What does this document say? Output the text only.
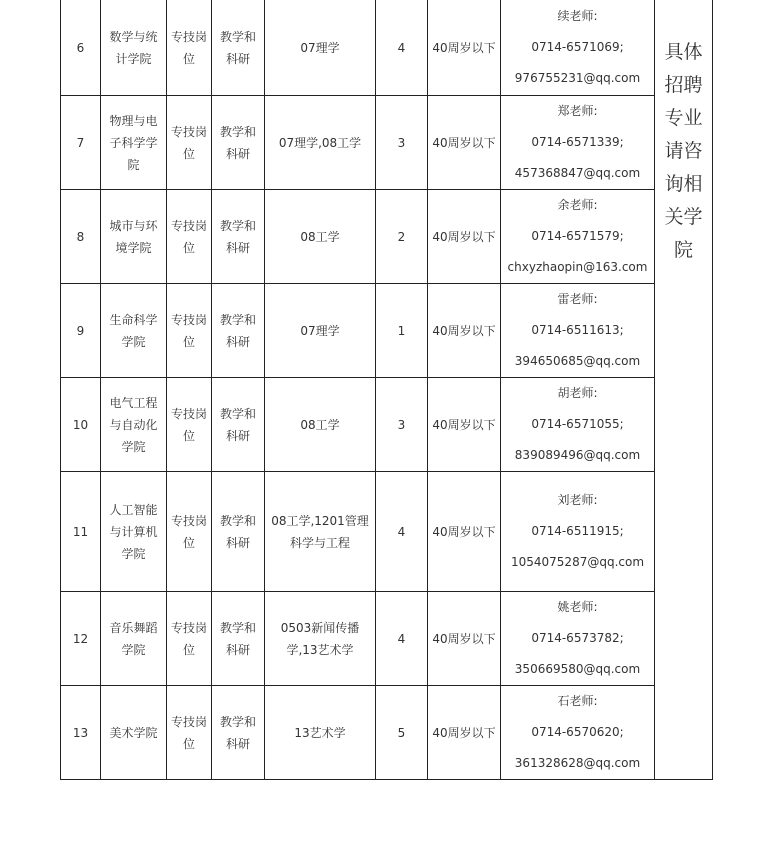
6	数学与统计学院	专技岗位	教学和科研	07理学	4	40周岁以下	续老师:
0714-6571069;
976755231@qq.com	具体招聘专业请咨询相关学院

7	物理与电子科学学院	专技岗位	教学和科研	07理学,08工学	3	40周岁以下	郑老师:
0714-6571339;
457368847@qq.com	

8	城市与环境学院	专技岗位	教学和科研	08工学	2	40周岁以下	余老师:
0714-6571579;
chxyzhaopin@163.com	

9	生命科学学院	专技岗位	教学和科研	07理学	1	40周岁以下	雷老师:
0714-6511613;
394650685@qq.com	

10	电气工程与自动化学院	专技岗位	教学和科研	08工学	3	40周岁以下	胡老师:
0714-6571055;
839089496@qq.com	

11	人工智能与计算机学院	专技岗位	教学和科研	08工学,1201管理科学与工程	4	40周岁以下	刘老师:
0714-6511915;
1054075287@qq.com	

12	音乐舞蹈学院	专技岗位	教学和科研	0503新闻传播学,13艺术学	4	40周岁以下	姚老师:
0714-6573782;
350669580@qq.com	

13	美术学院	专技岗位	教学和科研	13艺术学	5	40周岁以下	石老师:
0714-6570620;
361328628@qq.com	
